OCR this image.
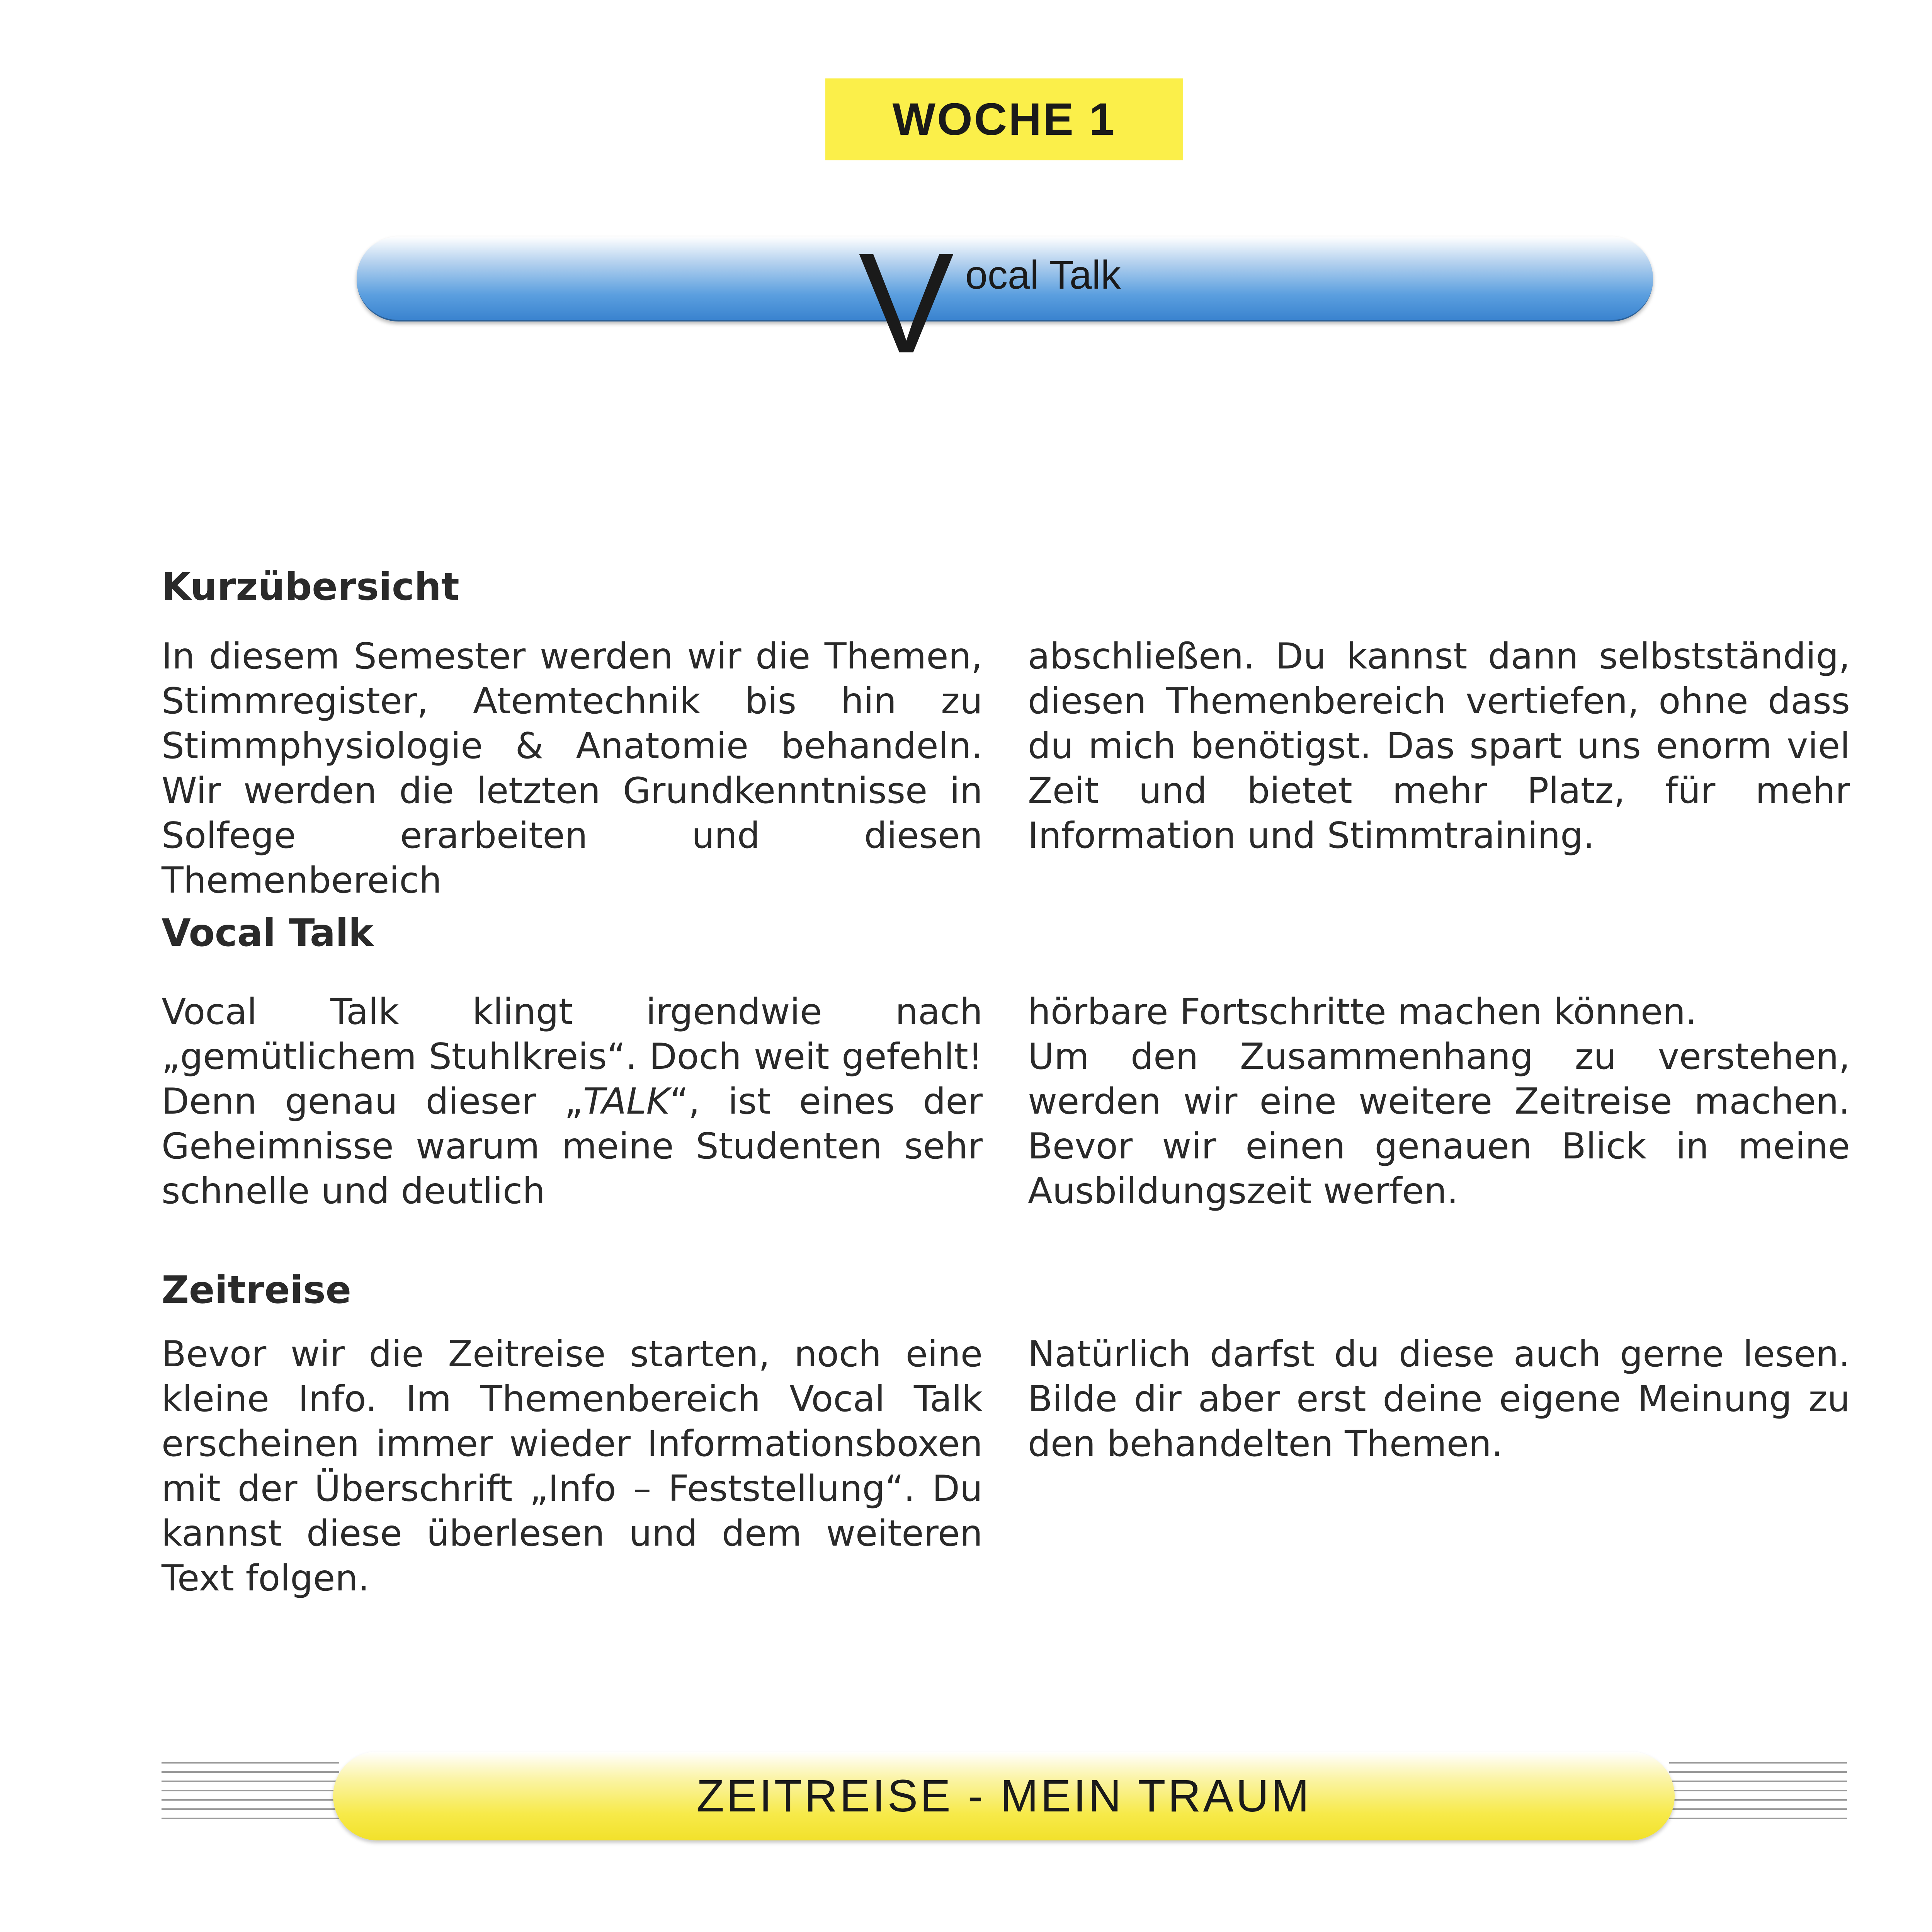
WOCHE 1
V ocal Talk
Kurzübersicht

In diesem Semester werden wir die Themen, Stimmregister, Atemtechnik bis hin zu Stimmphysiologie & Anatomie behandeln. Wir werden die letzten Grundkenntnisse in Solfege erarbeiten und diesen Themenbereich

abschließen. Du kannst dann selbstständig, diesen Themenbereich vertiefen, ohne dass du mich benötigst. Das spart uns enorm viel Zeit und bietet mehr Platz, für mehr Information und Stimmtraining.

Vocal Talk

Vocal Talk klingt irgendwie nach „gemütlichem Stuhlkreis“. Doch weit gefehlt! Denn genau dieser „TALK“, ist eines der Geheimnisse warum meine Studenten sehr schnelle und deutlich

hörbare Fortschritte machen können.

Um den Zusammenhang zu verstehen, werden wir eine weitere Zeitreise machen. Bevor wir einen genauen Blick in meine Ausbildungszeit werfen.

Zeitreise

Bevor wir die Zeitreise starten, noch eine kleine Info. Im Themenbereich Vocal Talk erscheinen immer wieder Informationsboxen mit der Überschrift „Info – Feststellung“. Du kannst diese überlesen und dem weiteren Text folgen.

Natürlich darfst du diese auch gerne lesen. Bilde dir aber erst deine eigene Meinung zu den behandelten Themen.

ZEITREISE - MEIN TRAUM
